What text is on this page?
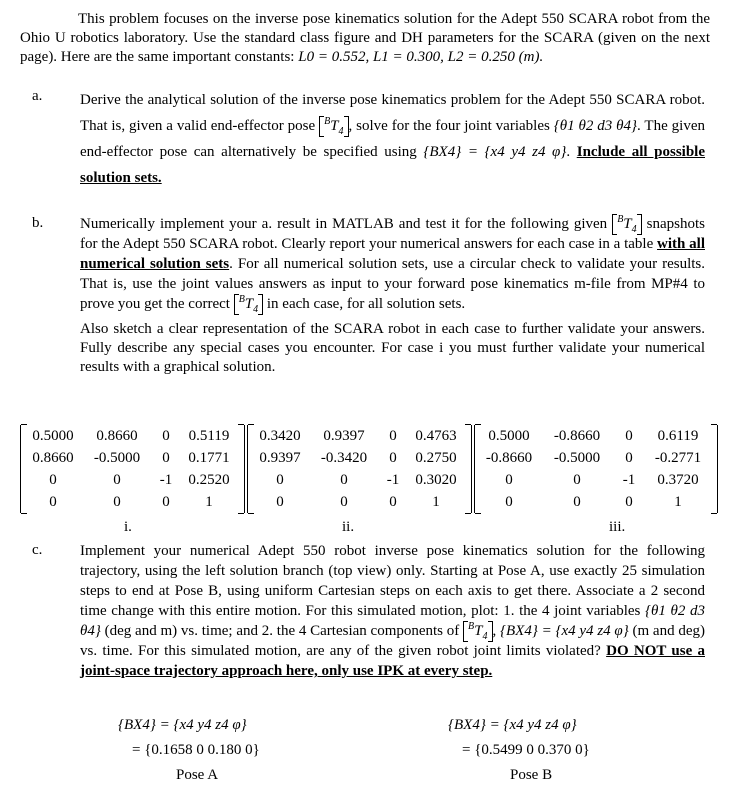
This problem focuses on the inverse pose kinematics solution for the Adept 550 SCARA robot from the Ohio U robotics laboratory. Use the standard class figure and DH parameters for the SCARA (given on the next page). Here are the same important constants: L0 = 0.552, L1 = 0.300, L2 = 0.250 (m).
a.	Derive the analytical solution of the inverse pose kinematics problem for the Adept 550 SCARA robot. That is, given a valid end-effector pose $^BT_4$ , solve for the four joint variables {θ1 θ2 d3 θ4}. The given end-effector pose can alternatively be specified using {BX4} = {x4 y4 z4 φ}. Include all possible solution sets.
b. Numerically implement your a. result in MATLAB and test it for the following given $^BT_4$ snapshots for the Adept 550 SCARA robot. Clearly report your numerical answers for each case in a table with all numerical solution sets. For all numerical solution sets, use a circular check to validate your results. That is, use the joint values answers as input to your forward pose kinematics m-file from MP#4 to prove you get the correct $^BT_4$ in each case, for all solution sets.

Also sketch a clear representation of the SCARA robot in each case to further validate your answers. Fully describe any special cases you encounter. For case i you must further validate your numerical results with a graphical solution.

0.5000	0.8660	0	0.5119
0.8660	-0.5000	0	0.1771
0	0	-1	0.2520
0	0	0	1
i.
0.3420	0.9397	0	0.4763
0.9397	-0.3420	0	0.2750
0	0	-1	0.3020
0	0	0	1
ii.
0.5000	-0.8660	0	0.6119
-0.8660	-0.5000	0	-0.2771
0	0	-1	0.3720
0	0	0	1
iii.
c.	Implement your numerical Adept 550 robot inverse pose kinematics solution for the following trajectory, using the left solution branch (top view) only. Starting at Pose A, use exactly 25 simulation steps to end at Pose B, using uniform Cartesian steps on each axis to get there. Associate a 2 second time change with this entire motion. For this simulated motion, plot: 1. the 4 joint variables {θ1 θ2 d3 θ4} (deg and m) vs. time; and 2. the 4 Cartesian components of $^BT_4$ , {BX4} = {x4 y4 z4 φ} (m and deg) vs. time. For this simulated motion, are any of the given robot joint limits violated? DO NOT use a joint-space trajectory approach here, only use IPK at every step.
{BX4} = {x4 y4 z4 φ}
= {0.1658 0 0.180 0}
Pose A
{BX4} = {x4 y4 z4 φ}
= {0.5499 0 0.370 0}
Pose B
